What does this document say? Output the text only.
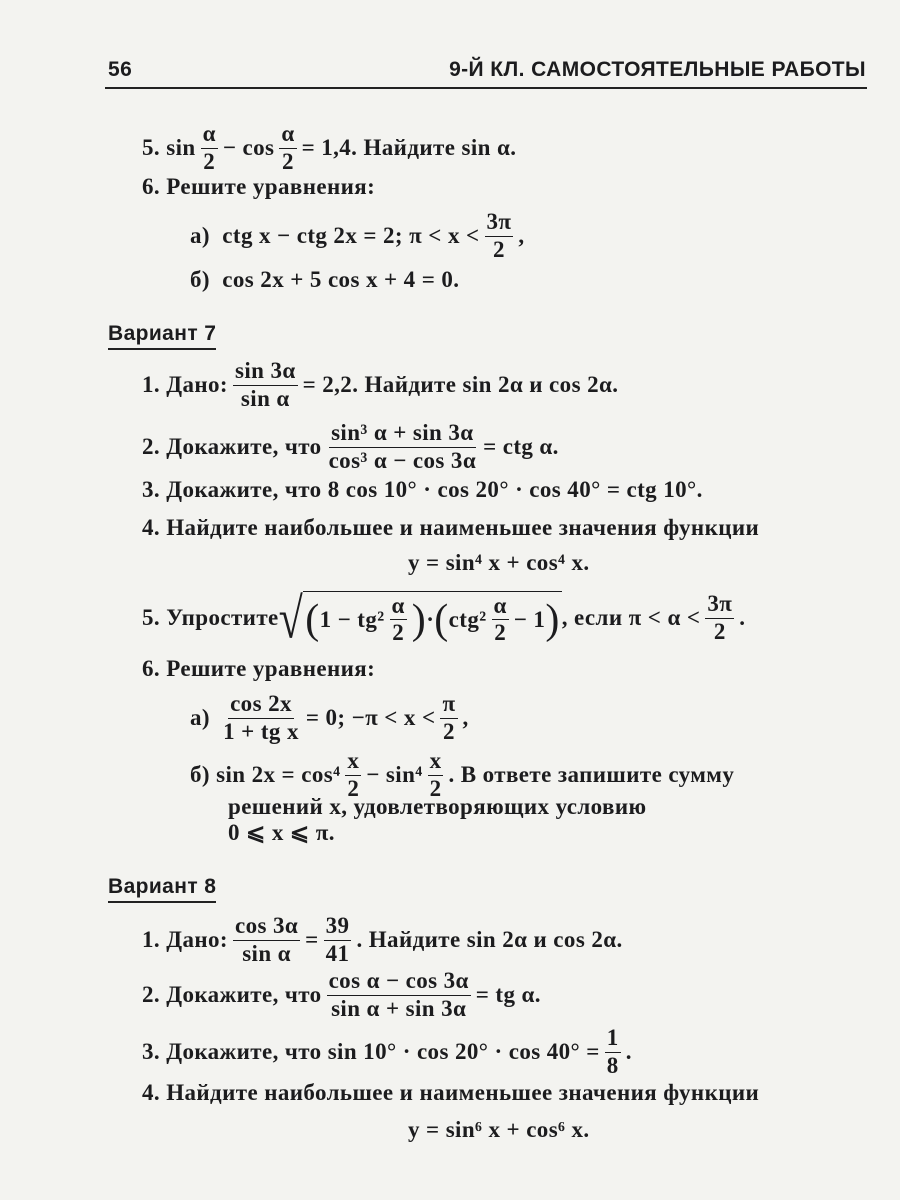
56	9-Й КЛ. САМОСТОЯТЕЛЬНЫЕ РАБОТЫ
5.
$\sin \frac{\alpha}{2} - \cos \frac{\alpha}{2} = 1,4$. Найдите sin α.
6.
Решите уравнения:
а)
ctg x − ctg 2x = 2; $\pi < x < \frac{3\pi}{2}$ ,
б)
cos 2x + 5 cos x + 4 = 0.
Вариант 7
1.
Дано: $\frac{\sin 3\alpha}{\text{sin α}} = 2,2$. Найдите sin 2α и cos 2α.
2.
Докажите, что $\frac{\text{sin³ α + sin 3α}}{\text{cos³ α − cos 3α}}$ = ctg α.
3.
Докажите, что 8 cos 10° · cos 20° · cos 40° = ctg 10°.
4.
Найдите наибольшее и наименьшее значения функции
y = sin⁴ x + cos⁴ x.
5.
Упростите √ ( $1 - tg^2 \frac{\alpha}{2}$ ) · ( $ctg^2 \frac{\alpha}{2} - 1$ ) , если $\pi < \alpha < \frac{3\pi}{2}$ .
6.
Решите уравнения:
а)
$\frac{\cos 2x}{\text{1 + tg x}} = 0$; $-\pi < x < \frac{\pi}{2}$ ,
б)
$\sin 2x = \cos^4 \frac{x}{2} - \sin^4 \frac{x}{2}$ . В ответе запишите сумму
решений x, удовлетворяющих условию
0 ⩽ x ⩽ π.
Вариант 8
1.
Дано: $\frac{\cos 3\alpha}{\text{sin α}} = \frac{39}{41}$ . Найдите sin 2α и cos 2α.
2.
Докажите, что $\frac{\text{cos α − cos 3α}}{\text{sin α + sin 3α}}$ = tg α.
3.
Докажите, что $\sin 10^\circ \cdot \cos 20^\circ \cdot \cos 40^\circ = \frac{1}{8}$ .
4.
Найдите наибольшее и наименьшее значения функции
y = sin⁶ x + cos⁶ x.
